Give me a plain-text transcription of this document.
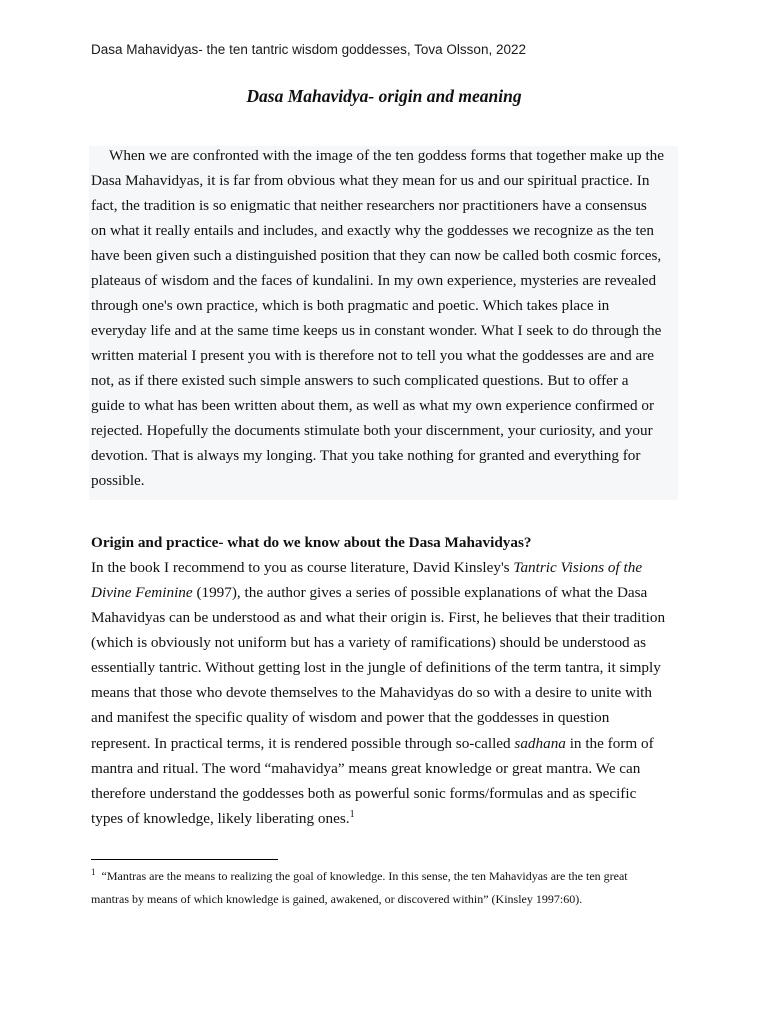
Dasa Mahavidyas- the ten tantric wisdom goddesses, Tova Olsson, 2022
Dasa Mahavidya- origin and meaning
When we are confronted with the image of the ten goddess forms that together make up the
Dasa Mahavidyas, it is far from obvious what they mean for us and our spiritual practice. In
fact, the tradition is so enigmatic that neither researchers nor practitioners have a consensus
on what it really entails and includes, and exactly why the goddesses we recognize as the ten
have been given such a distinguished position that they can now be called both cosmic forces,
plateaus of wisdom and the faces of kundalini. In my own experience, mysteries are revealed
through one's own practice, which is both pragmatic and poetic. Which takes place in
everyday life and at the same time keeps us in constant wonder. What I seek to do through the
written material I present you with is therefore not to tell you what the goddesses are and are
not, as if there existed such simple answers to such complicated questions. But to offer a
guide to what has been written about them, as well as what my own experience confirmed or
rejected. Hopefully the documents stimulate both your discernment, your curiosity, and your
devotion. That is always my longing. That you take nothing for granted and everything for
possible.
Origin and practice- what do we know about the Dasa Mahavidyas?
In the book I recommend to you as course literature, David Kinsley's Tantric Visions of the
Divine Feminine (1997), the author gives a series of possible explanations of what the Dasa
Mahavidyas can be understood as and what their origin is. First, he believes that their tradition
(which is obviously not uniform but has a variety of ramifications) should be understood as
essentially tantric. Without getting lost in the jungle of definitions of the term tantra, it simply
means that those who devote themselves to the Mahavidyas do so with a desire to unite with
and manifest the specific quality of wisdom and power that the goddesses in question
represent. In practical terms, it is rendered possible through so-called sadhana in the form of
mantra and ritual. The word “mahavidya” means great knowledge or great mantra. We can
therefore understand the goddesses both as powerful sonic forms/formulas and as specific
types of knowledge, likely liberating ones.$^1$
$^1$ “Mantras are the means to realizing the goal of knowledge. In this sense, the ten Mahavidyas are the ten great
mantras by means of which knowledge is gained, awakened, or discovered within” (Kinsley 1997:60).
